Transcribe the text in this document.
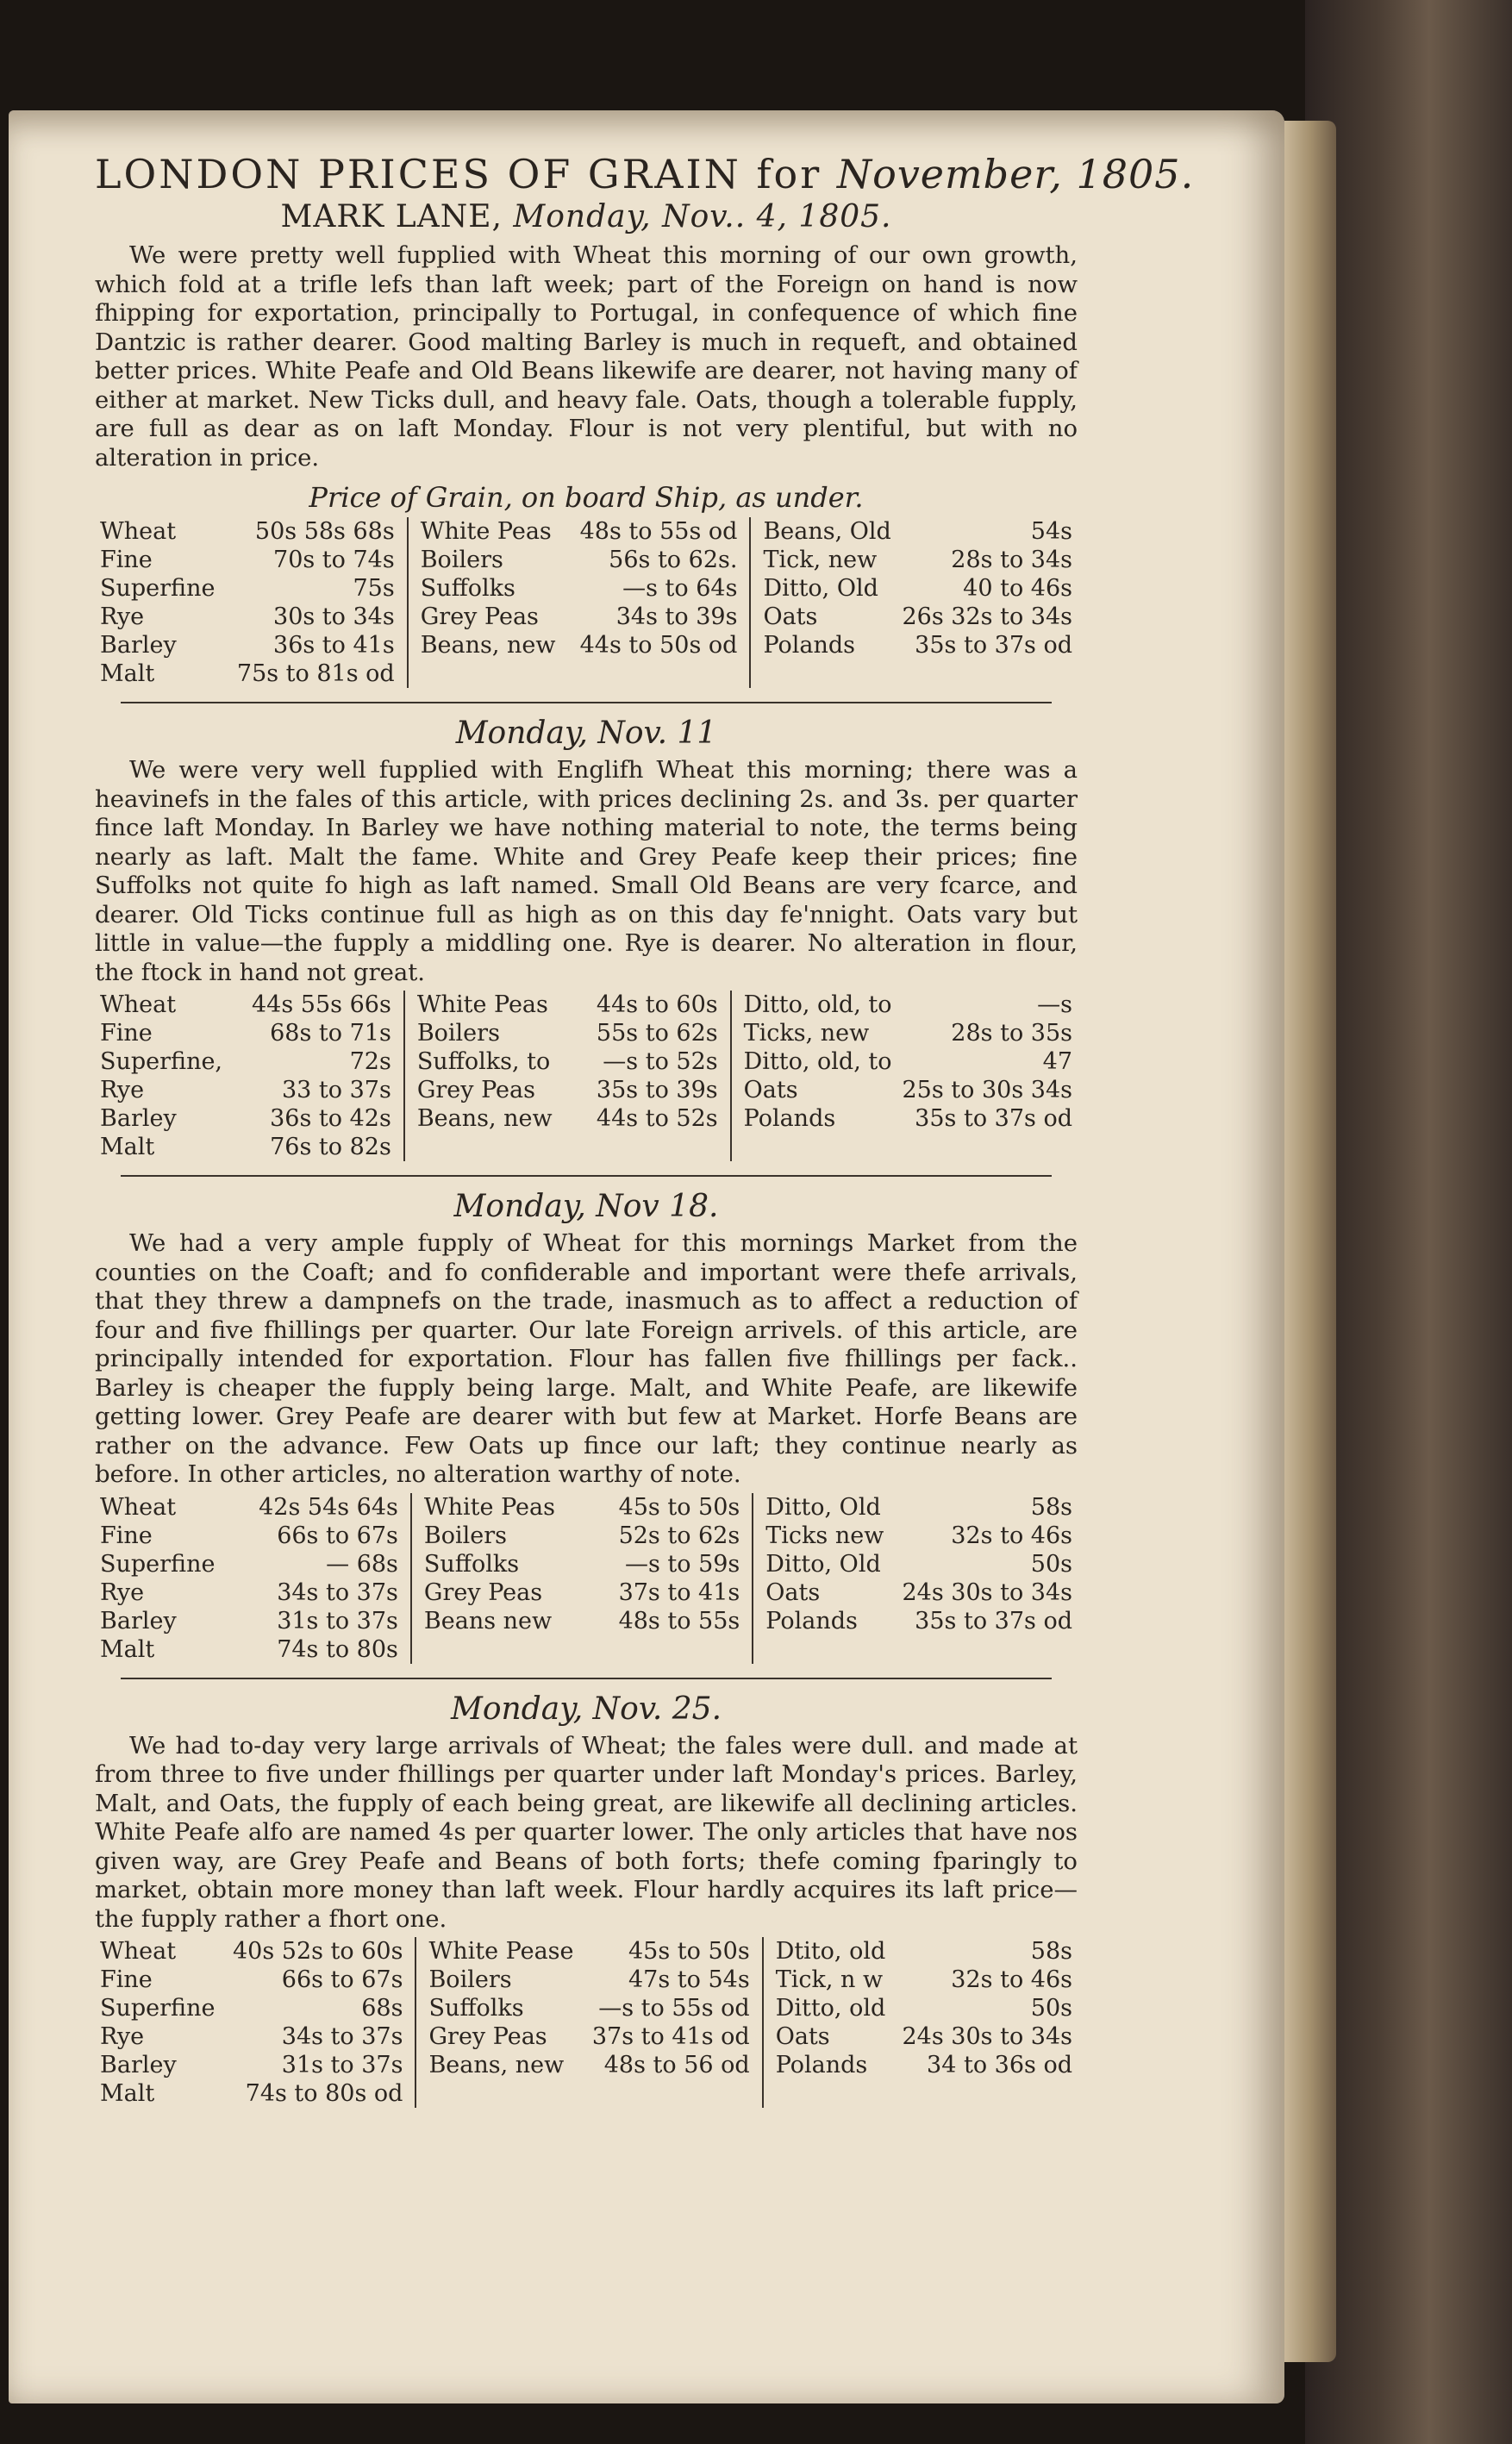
LONDON PRICES OF GRAIN for November, 1805.
MARK LANE, Monday, Nov.. 4, 1805.

We were pretty well fupplied with Wheat this morning of our own growth, which fold at a trifle lefs than laft week; part of the Foreign on hand is now fhipping for exportation, principally to Portugal, in confequence of which fine Dantzic is rather dearer. Good malting Barley is much in requeft, and obtained better prices. White Peafe and Old Beans likewife are dearer, not having many of either at market. New Ticks dull, and heavy fale. Oats, though a tolerable fupply, are full as dear as on laft Monday. Flour is not very plentiful, but with no alteration in price.

Price of Grain, on board Ship, as under.
Wheat	50s 58s 68s	White Peas	48s to 55s od	Beans, Old	54s
Fine	70s to 74s	Boilers	56s to 62s.	Tick, new	28s to 34s
Superfine	75s	Suffolks	—s to 64s	Ditto, Old	40 to 46s
Rye	30s to 34s	Grey Peas	34s to 39s	Oats	26s 32s to 34s
Barley	36s to 41s	Beans, new	44s to 50s od	Polands	35s to 37s od
Malt	75s to 81s od				
Monday, Nov. 11

We were very well fupplied with Englifh Wheat this morning; there was a heavinefs in the fales of this article, with prices declining 2s. and 3s. per quarter fince laft Monday. In Barley we have nothing material to note, the terms being nearly as laft. Malt the fame. White and Grey Peafe keep their prices; fine Suffolks not quite fo high as laft named. Small Old Beans are very fcarce, and dearer. Old Ticks continue full as high as on this day fe'nnight. Oats vary but little in value—the fupply a middling one. Rye is dearer. No alteration in flour, the ftock in hand not great.

Wheat	44s 55s 66s	White Peas	44s to 60s	Ditto, old, to	—s
Fine	68s to 71s	Boilers	55s to 62s	Ticks, new	28s to 35s
Superfine,	72s	Suffolks, to	—s to 52s	Ditto, old, to	47
Rye	33 to 37s	Grey Peas	35s to 39s	Oats	25s to 30s 34s
Barley	36s to 42s	Beans, new	44s to 52s	Polands	35s to 37s od
Malt	76s to 82s				
Monday, Nov 18.

We had a very ample fupply of Wheat for this mornings Market from the counties on the Coaft; and fo confiderable and important were thefe arrivals, that they threw a dampnefs on the trade, inasmuch as to affect a reduction of four and five fhillings per quarter. Our late Foreign arrivels. of this article, are principally intended for exportation. Flour has fallen five fhillings per fack.. Barley is cheaper the fupply being large. Malt, and White Peafe, are likewife getting lower. Grey Peafe are dearer with but few at Market. Horfe Beans are rather on the advance. Few Oats up fince our laft; they continue nearly as before. In other articles, no alteration warthy of note.

Wheat	42s 54s 64s	White Peas	45s to 50s	Ditto, Old	58s
Fine	66s to 67s	Boilers	52s to 62s	Ticks new	32s to 46s
Superfine	— 68s	Suffolks	—s to 59s	Ditto, Old	50s
Rye	34s to 37s	Grey Peas	37s to 41s	Oats	24s 30s to 34s
Barley	31s to 37s	Beans new	48s to 55s	Polands	35s to 37s od
Malt	74s to 80s				
Monday, Nov. 25.

We had to-day very large arrivals of Wheat; the fales were dull. and made at from three to five under fhillings per quarter under laft Monday's prices. Barley, Malt, and Oats, the fupply of each being great, are likewife all declining articles. White Peafe alfo are named 4s per quarter lower. The only articles that have nos given way, are Grey Peafe and Beans of both forts; thefe coming fparingly to market, obtain more money than laft week. Flour hardly acquires its laft price— the fupply rather a fhort one.

Wheat	40s 52s to 60s	White Pease	45s to 50s	Dtito, old	58s
Fine	66s to 67s	Boilers	47s to 54s	Tick, n w	32s to 46s
Superfine	68s	Suffolks	—s to 55s od	Ditto, old	50s
Rye	34s to 37s	Grey Peas	37s to 41s od	Oats	24s 30s to 34s
Barley	31s to 37s	Beans, new	48s to 56 od	Polands	34 to 36s od
Malt	74s to 80s od				
